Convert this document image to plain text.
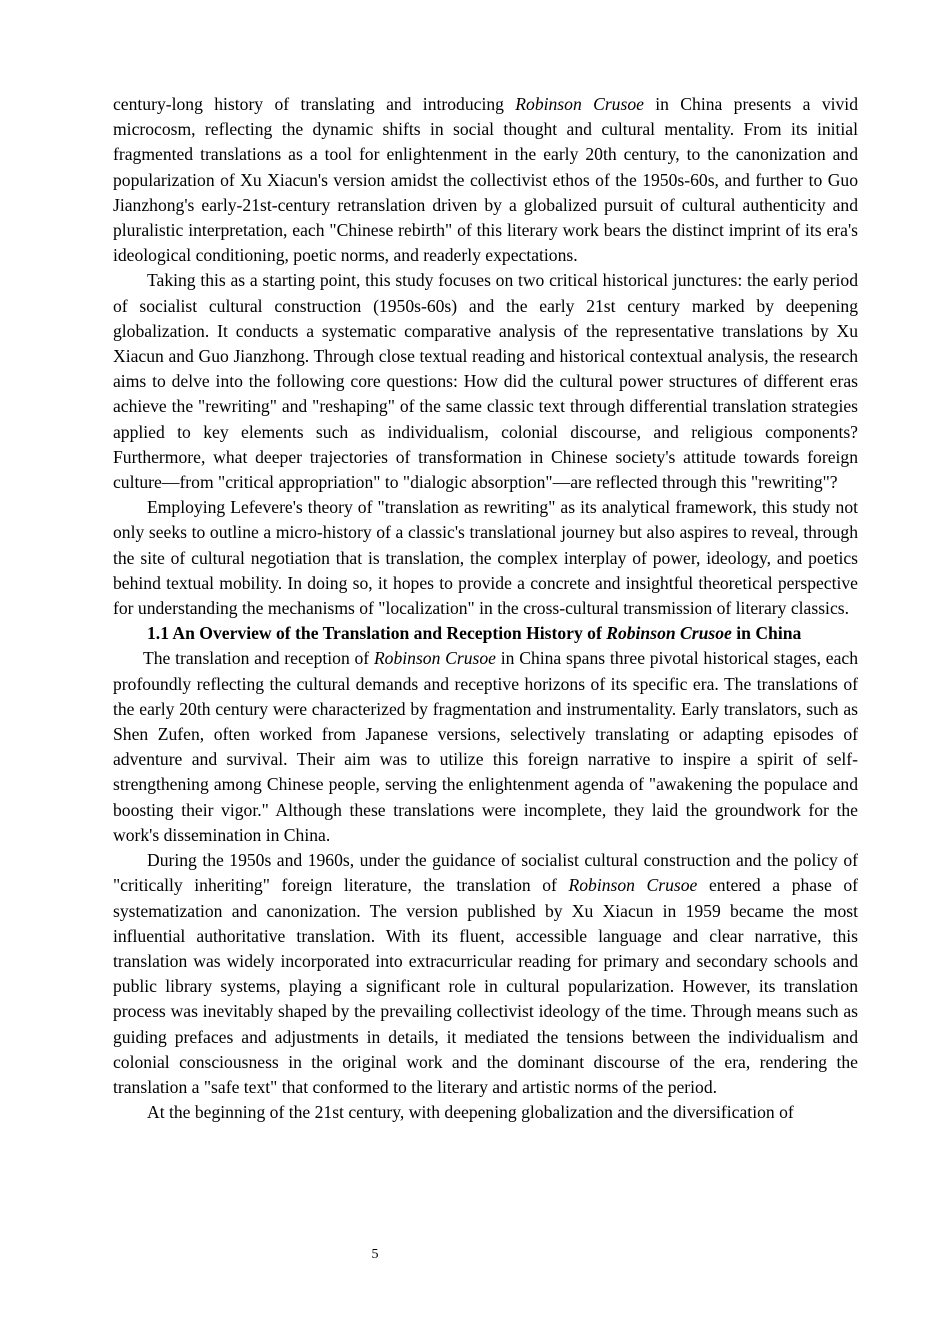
century-long history of translating and introducing Robinson Crusoe in China presents a vivid microcosm, reflecting the dynamic shifts in social thought and cultural mentality. From its initial fragmented translations as a tool for enlightenment in the early 20th century, to the canonization and popularization of Xu Xiacun's version amidst the collectivist ethos of the 1950s-60s, and further to Guo Jianzhong's early-21st-century retranslation driven by a globalized pursuit of cultural authenticity and pluralistic interpretation, each "Chinese rebirth" of this literary work bears the distinct imprint of its era's ideological conditioning, poetic norms, and readerly expectations.

Taking this as a starting point, this study focuses on two critical historical junctures: the early period of socialist cultural construction (1950s-60s) and the early 21st century marked by deepening globalization. It conducts a systematic comparative analysis of the representative translations by Xu Xiacun and Guo Jianzhong. Through close textual reading and historical contextual analysis, the research aims to delve into the following core questions: How did the cultural power structures of different eras achieve the "rewriting" and "reshaping" of the same classic text through differential translation strategies applied to key elements such as individualism, colonial discourse, and religious components? Furthermore, what deeper trajectories of transformation in Chinese society's attitude towards foreign culture—from "critical appropriation" to "dialogic absorption"—are reflected through this "rewriting"?

Employing Lefevere's theory of "translation as rewriting" as its analytical framework, this study not only seeks to outline a micro-history of a classic's translational journey but also aspires to reveal, through the site of cultural negotiation that is translation, the complex interplay of power, ideology, and poetics behind textual mobility. In doing so, it hopes to provide a concrete and insightful theoretical perspective for understanding the mechanisms of "localization" in the cross-cultural transmission of literary classics.

1.1 An Overview of the Translation and Reception History of Robinson Crusoe in China

The translation and reception of Robinson Crusoe in China spans three pivotal historical stages, each profoundly reflecting the cultural demands and receptive horizons of its specific era. The translations of the early 20th century were characterized by fragmentation and instrumentality. Early translators, such as Shen Zufen, often worked from Japanese versions, selectively translating or adapting episodes of adventure and survival. Their aim was to utilize this foreign narrative to inspire a spirit of self-strengthening among Chinese people, serving the enlightenment agenda of "awakening the populace and boosting their vigor." Although these translations were incomplete, they laid the groundwork for the work's dissemination in China.

During the 1950s and 1960s, under the guidance of socialist cultural construction and the policy of "critically inheriting" foreign literature, the translation of Robinson Crusoe entered a phase of systematization and canonization. The version published by Xu Xiacun in 1959 became the most influential authoritative translation. With its fluent, accessible language and clear narrative, this translation was widely incorporated into extracurricular reading for primary and secondary schools and public library systems, playing a significant role in cultural popularization. However, its translation process was inevitably shaped by the prevailing collectivist ideology of the time. Through means such as guiding prefaces and adjustments in details, it mediated the tensions between the individualism and colonial consciousness in the original work and the dominant discourse of the era, rendering the translation a "safe text" that conformed to the literary and artistic norms of the period.

At the beginning of the 21st century, with deepening globalization and the diversification of

5
